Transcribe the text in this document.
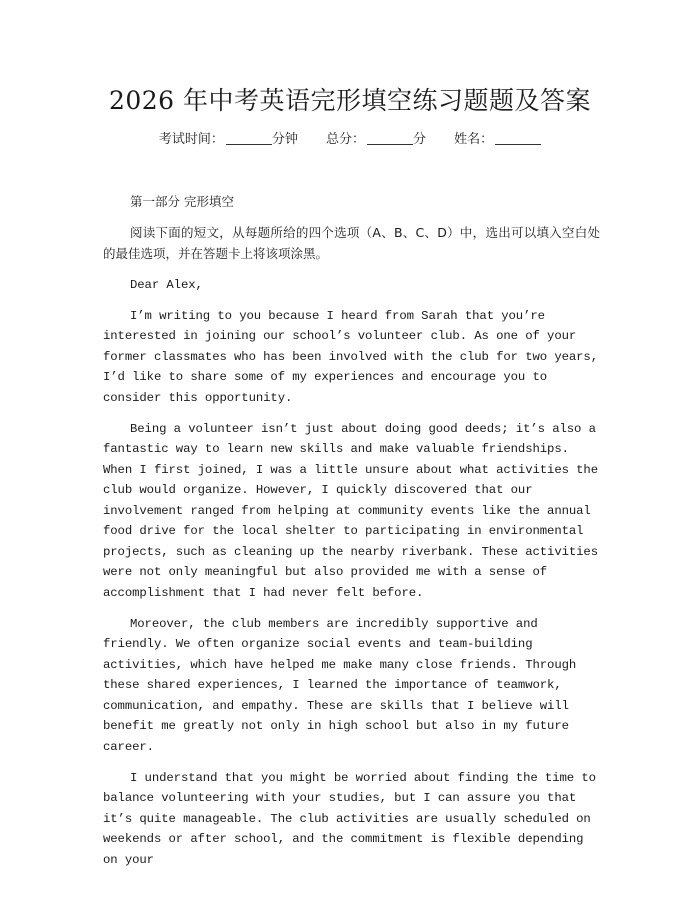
2026 年中考英语完形填空练习题题及答案
考试时间：	分钟 总分：	分 姓名：

第一部分 完形填空

阅读下面的短文，从每题所给的四个选项（A、B、C、D）中，选出可以填入空白处的最佳选项，并在答题卡上将该项涂黑。

Dear Alex,

I’m writing to you because I heard from Sarah that you’re interested in joining our school’s volunteer club. As one of your former classmates who has been involved with the club for two years, I’d like to share some of my experiences and encourage you to consider this opportunity.

Being a volunteer isn’t just about doing good deeds; it’s also a fantastic way to learn new skills and make valuable friendships. When I first joined, I was a little unsure about what activities the club would organize. However, I quickly discovered that our involvement ranged from helping at community events like the annual food drive for the local shelter to participating in environmental projects, such as cleaning up the nearby riverbank. These activities were not only meaningful but also provided me with a sense of accomplishment that I had never felt before.

Moreover, the club members are incredibly supportive and friendly. We often organize social events and team-building activities, which have helped me make many close friends. Through these shared experiences, I learned the importance of teamwork, communication, and empathy. These are skills that I believe will benefit me greatly not only in high school but also in my future career.

I understand that you might be worried about finding the time to balance volunteering with your studies, but I can assure you that it’s quite manageable. The club activities are usually scheduled on weekends or after school, and the commitment is flexible depending on your
